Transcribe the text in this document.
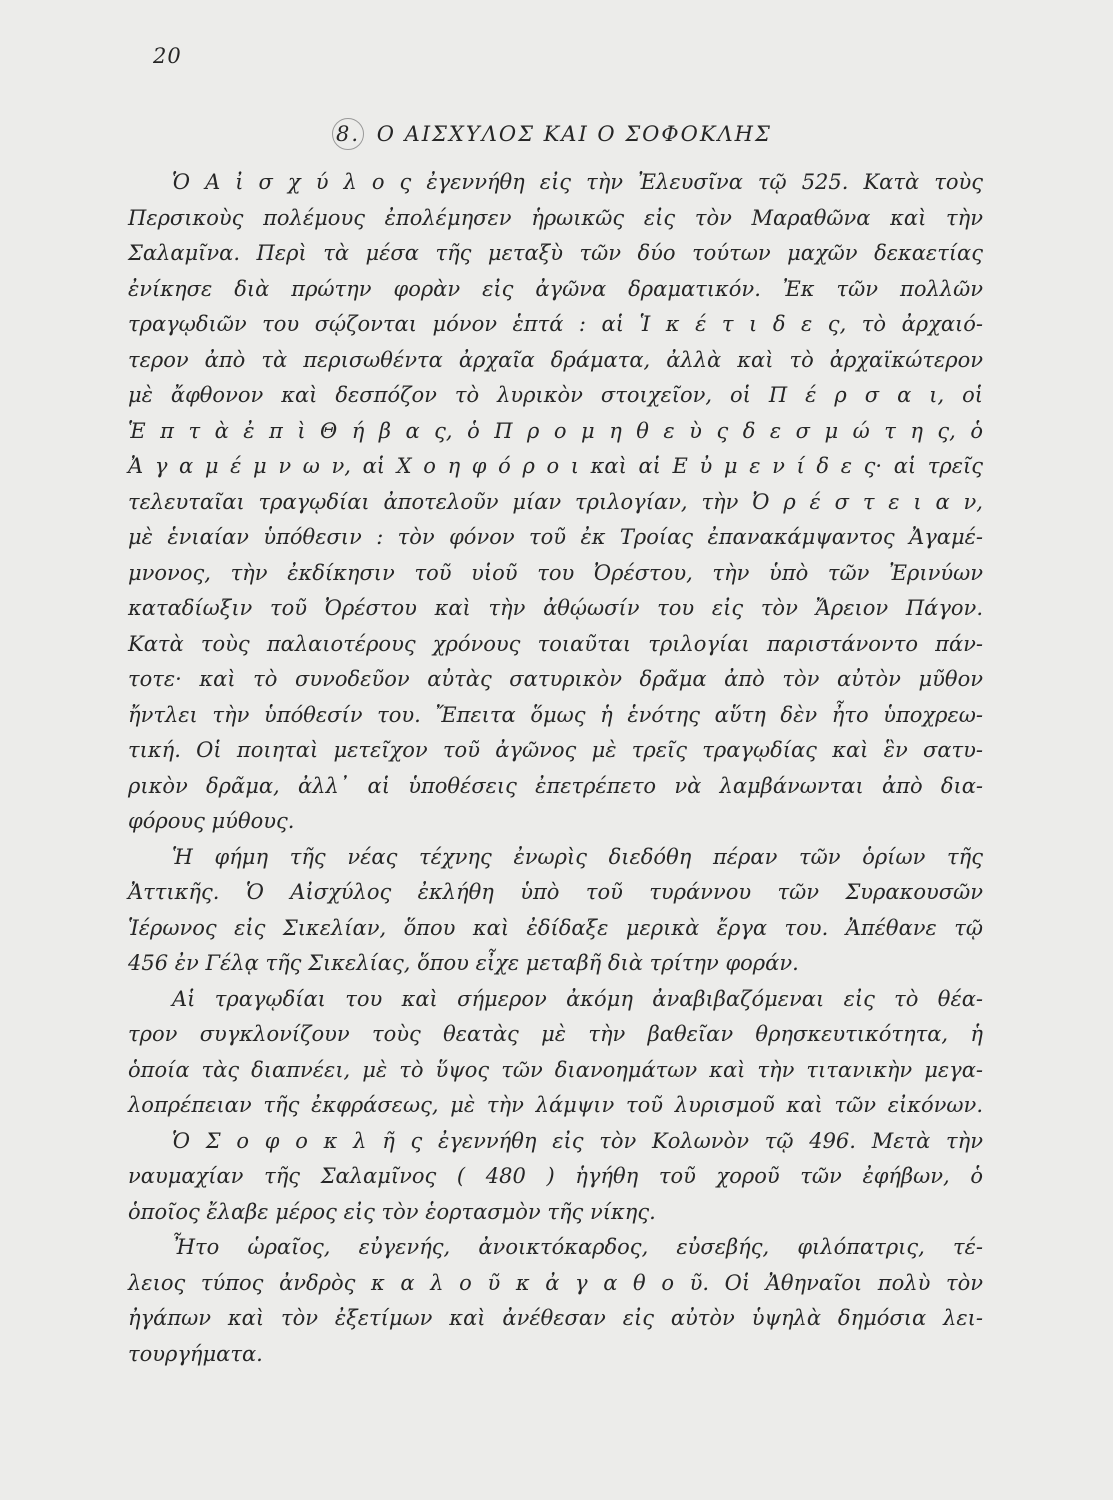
20
8. Ο ΑΙΣΧΥΛΟΣ ΚΑΙ Ο ΣΟΦΟΚΛΗΣ
Ὁ Α ἰ σ χ ύ λ ο ς ἐγεννήθη εἰς τὴν Ἐλευσῖνα τῷ 525. Κατὰ τοὺς
Περσικοὺς πολέμους ἐπολέμησεν ἡρωικῶς εἰς τὸν Μαραθῶνα καὶ τὴν
Σαλαμῖνα. Περὶ τὰ μέσα τῆς μεταξὺ τῶν δύο τούτων μαχῶν δεκαετίας
ἐνίκησε διὰ πρώτην φορὰν εἰς ἀγῶνα δραματικόν. Ἐκ τῶν πολλῶν
τραγῳδιῶν του σῴζονται μόνον ἑπτά : αἱ Ἱ κ έ τ ι δ ε ς, τὸ ἀρχαιό-
τερον ἀπὸ τὰ περισωθέντα ἀρχαῖα δράματα, ἀλλὰ καὶ τὸ ἀρχαϊκώτερον
μὲ ἄφθονον καὶ δεσπόζον τὸ λυρικὸν στοιχεῖον, οἱ Π έ ρ σ α ι, οἱ
Ἑ π τ ὰ ἐ π ὶ Θ ή β α ς, ὁ Π ρ ο μ η θ ε ὺ ς δ ε σ μ ώ τ η ς, ὁ
Ἀ γ α μ έ μ ν ω ν, αἱ Χ ο η φ ό ρ ο ι καὶ αἱ Ε ὐ μ ε ν ί δ ε ς· αἱ τρεῖς
τελευταῖαι τραγῳδίαι ἀποτελοῦν μίαν τριλογίαν, τὴν Ὀ ρ έ σ τ ε ι α ν,
μὲ ἑνιαίαν ὑπόθεσιν : τὸν φόνον τοῦ ἐκ Τροίας ἐπανακάμψαντος Ἀγαμέ-
μνονος, τὴν ἐκδίκησιν τοῦ υἱοῦ του Ὀρέστου, τὴν ὑπὸ τῶν Ἐρινύων
καταδίωξιν τοῦ Ὀρέστου καὶ τὴν ἀθῴωσίν του εἰς τὸν Ἄρειον Πάγον.
Κατὰ τοὺς παλαιοτέρους χρόνους τοιαῦται τριλογίαι παριστάνοντο πάν-
τοτε· καὶ τὸ συνοδεῦον αὐτὰς σατυρικὸν δρᾶμα ἀπὸ τὸν αὐτὸν μῦθον
ἤντλει τὴν ὑπόθεσίν του. Ἔπειτα ὅμως ἡ ἑνότης αὕτη δὲν ἦτο ὑποχρεω-
τική. Οἱ ποιηταὶ μετεῖχον τοῦ ἀγῶνος μὲ τρεῖς τραγῳδίας καὶ ἓν σατυ-
ρικὸν δρᾶμα, ἀλλ᾿ αἱ ὑποθέσεις ἐπετρέπετο νὰ λαμβάνωνται ἀπὸ δια-
φόρους μύθους.
Ἡ φήμη τῆς νέας τέχνης ἐνωρὶς διεδόθη πέραν τῶν ὁρίων τῆς
Ἀττικῆς. Ὁ Αἰσχύλος ἐκλήθη ὑπὸ τοῦ τυράννου τῶν Συρακουσῶν
Ἱέρωνος εἰς Σικελίαν, ὅπου καὶ ἐδίδαξε μερικὰ ἔργα του. Ἀπέθανε τῷ
456 ἐν Γέλᾳ τῆς Σικελίας, ὅπου εἶχε μεταβῆ διὰ τρίτην φοράν.
Αἱ τραγῳδίαι του καὶ σήμερον ἀκόμη ἀναβιβαζόμεναι εἰς τὸ θέα-
τρον συγκλονίζουν τοὺς θεατὰς μὲ τὴν βαθεῖαν θρησκευτικότητα, ἡ
ὁποία τὰς διαπνέει, μὲ τὸ ὕψος τῶν διανοημάτων καὶ τὴν τιτανικὴν μεγα-
λοπρέπειαν τῆς ἐκφράσεως, μὲ τὴν λάμψιν τοῦ λυρισμοῦ καὶ τῶν εἰκόνων.
Ὁ Σ ο φ ο κ λ ῆ ς ἐγεννήθη εἰς τὸν Κολωνὸν τῷ 496. Μετὰ τὴν
ναυμαχίαν τῆς Σαλαμῖνος ( 480 ) ἡγήθη τοῦ χοροῦ τῶν ἐφήβων, ὁ
ὁποῖος ἔλαβε μέρος εἰς τὸν ἑορτασμὸν τῆς νίκης.
Ἦτο ὡραῖος, εὐγενής, ἀνοικτόκαρδος, εὐσεβής, φιλόπατρις, τέ-
λειος τύπος ἀνδρὸς κ α λ ο ῦ κ ἀ γ α θ ο ῦ. Οἱ Ἀθηναῖοι πολὺ τὸν
ἠγάπων καὶ τὸν ἐξετίμων καὶ ἀνέθεσαν εἰς αὐτὸν ὑψηλὰ δημόσια λει-
τουργήματα.
